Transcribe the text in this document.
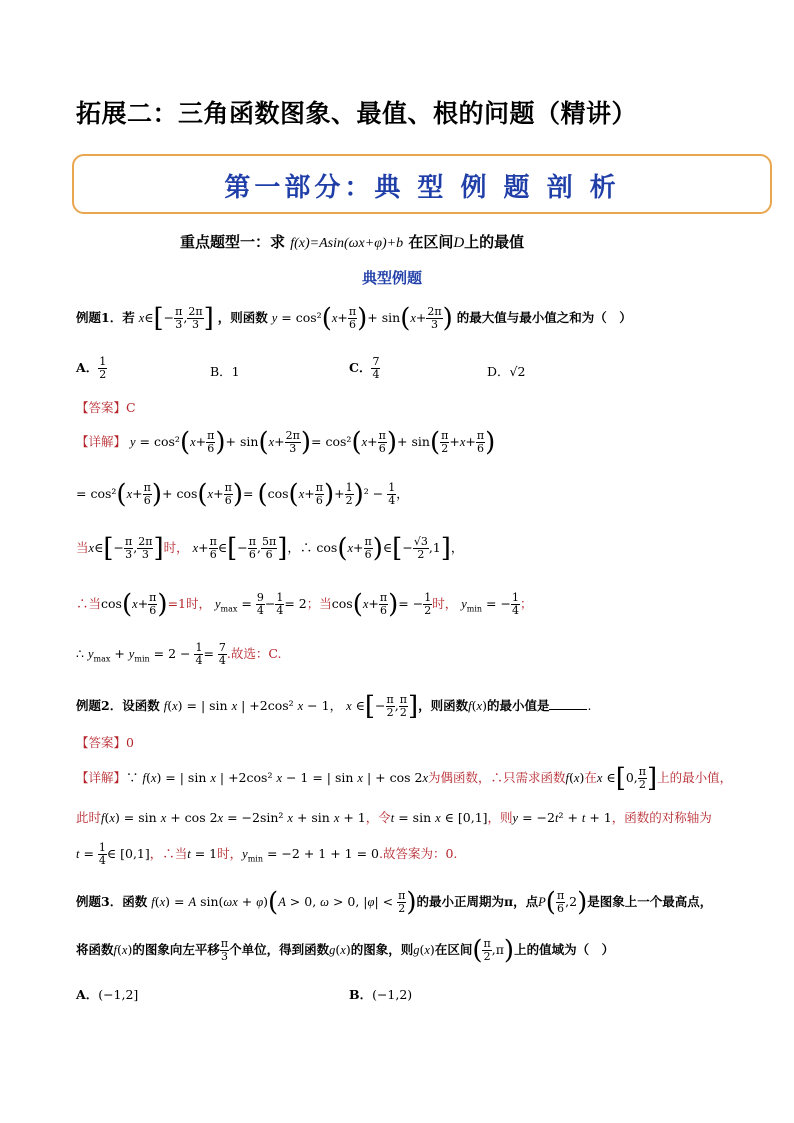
拓展二：三角函数图象、最值、根的问题（精讲）
第一部分：典 型 例 题 剖 析
重点题型一：求 f(x)=Asin(ωx+φ)+b 在区间D上的最值
典型例题
例题1．若 x∈[− $\frac{\pi}{3}$ , $\frac{2\pi}{3}$ ] ，则函数 $y = \cos^2(x+ \frac{\pi}{6}$ )+ $\sin(x+ \frac{2\pi}{3}$ ) 的最大值与最小值之和为（　）
A． $\frac{1}{2}$	B．1	C． $\frac{7}{4}$	D．√2
【答案】C
【详解】 $y = \cos^2(x+ \frac{\pi}{6}$ )+ $\sin(x+ \frac{2\pi}{3}$ )= $\cos^2(x+ \frac{\pi}{6}$ )+ $\sin( \frac{\pi}{2} +x+ \frac{\pi}{6}$ )
= $\cos^2(x+ \frac{\pi}{6}$ )+ $\cos(x+ \frac{\pi}{6}$ )= ($\cos(x+ \frac{\pi}{6}$ )+ $\frac{1}{2} )^2 - \frac{1}{4}$ ，
当x∈[− $\frac{\pi}{3}$ , $\frac{2\pi}{3}$ ]时， $x+ \frac{\pi}{6}$ ∈[− $\frac{\pi}{6}$ , $\frac{5\pi}{6}$ ]，∴ $\cos(x+ \frac{\pi}{6}$ )∈[− $\frac{√3}{2} ,1$]，
∴当$\cos(x+ \frac{\pi}{6} )=1$时， $y_{max} = \frac{9}{4} - \frac{1}{4} = 2$；当$\cos(x+ \frac{\pi}{6}$ )= − $\frac{1}{2}$ 时， $y_{min}$ = − $\frac{1}{4}$ ；
∴ $y_{max} + y_{min} = 2 - \frac{1}{4} = \frac{7}{4}$ .故选：C.
例题2．设函数 f(x) = | sin x | +2cos² x − 1， x ∈[− $\frac{\pi}{2}$ , $\frac{\pi}{2}$ ]，则函数f(x)的最小值是	.
【答案】0
【详解】∵ f(x) = | sin x | +2cos² x − 1 = | sin x | + cos 2x为偶函数，∴只需求函数f(x)在x ∈[0, $\frac{\pi}{2}$ ]上的最小值，
此时f(x) = sin x + cos 2x = −2sin² x + sin x + 1，令t = sin x ∈ [0,1]，则y = −2t² + t + 1，函数的对称轴为
$t = \frac{1}{4}$ ∈ [0,1]，∴当t = 1时，$y_{min} = -2 + 1 + 1 = 0$.故答案为：0.
例题3．函数 f(x) = A sin(ωx + φ)(A > 0, ω > 0, $|\varphi| < \frac{\pi}{2}$ )的最小正周期为π，点$P( \frac{\pi}{6} ,2)$是图象上一个最高点，
将函数f(x)的图象向左平移 $\frac{\pi}{3}$ 个单位，得到函数g(x)的图象，则g(x)在区间( $\frac{\pi}{2} ,\pi$)上的值域为（　）
A．(−1,2]	B．(−1,2)
